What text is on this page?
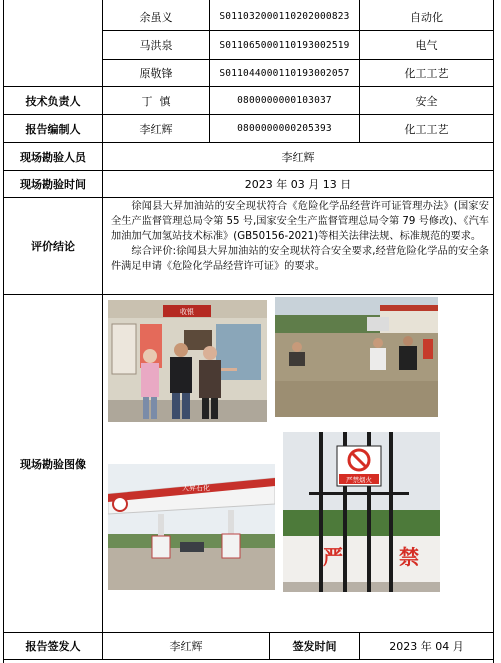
余虽义	S011032000110202000823	自动化
马洪泉	S011065000110193002519	电气
原敬锋	S011044000110193002057	化工工艺
技术负责人	丁  慎	0800000000103037	安全
报告编制人	李红辉	0800000000205393	化工工艺
现场勘验人员	李红辉
现场勘验时间	2023 年 03 月 13 日
评价结论

徐闻县大昇加油站的安全现状符合《危险化学品经营许可证管理办法》(国家安全生产监督管理总局令第 55 号,国家安全生产监督管理总局令第 79 号修改)、《汽车加油加气加氢站技术标准》(GB50156-2021)等相关法律法规、标准规范的要求。

综合评价:徐闻县大昇加油站的安全现状符合安全要求,经营危险化学品的安全条件满足申请《危险化学品经营许可证》的要求。

现场勘验图像
收银
大昇石化
严	禁
严禁烟火
报告签发人	李红辉	签发时间	2023 年 04 月
